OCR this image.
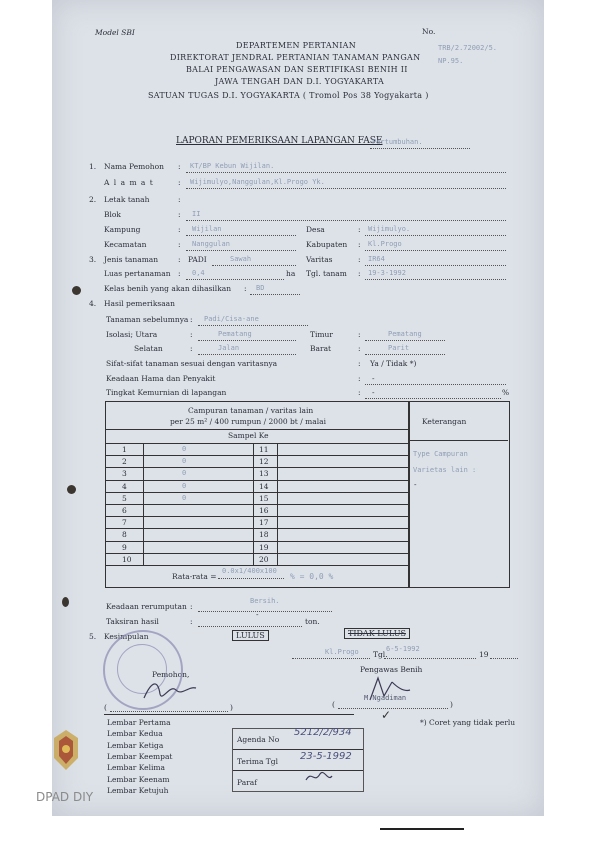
Model SBI	No.
TRB/2.72002/5.
NP.95.
DEPARTEMEN PERTANIAN
DIREKTORAT JENDRAL PERTANIAN TANAMAN PANGAN
BALAI PENGAWASAN DAN SERTIFIKASI BENIH II
JAWA TENGAH DAN D.I. YOGYAKARTA
SATUAN TUGAS D.I. YOGYAKARTA ( Tromol Pos 38 Yogyakarta )
LAPORAN PEMERIKSAAN LAPANGAN FASE
Pertumbuhan.
1. Nama Pemohon : KT/BP Kebun Wijilan.
A l a m a t	: Wijimulyo,Nanggulan,Kl.Progo Yk.
2. Letak tanah	:
Blok	: II
Kampung	: Wijilan	Desa	: Wijimulyo.
Kecamatan	: Nanggulan	Kabupaten : Kl.Progo
3. Jenis tanaman	: PADI	Sawah	Varitas	: IR64
Luas pertanaman : 0,4	ha Tgl. tanam : 19-3-1992
Kelas benih yang akan dihasilkan : BD
4. Hasil pemeriksaan
Tanaman sebelumnya : Padi/Cisa-ane
Isolasi; Utara	:	Pematang	Timur	:	Pematang
Selatan	:	Jalan	Barat	:	Parit
Sifat-sifat tanaman sesuai dengan varitasnya	: Ya / Tidak *)
Keadaan Hama dan Penyakit	: -
Tingkat Kemurnian di lapangan	: -	%
Keterangan
Type Campuran
Varietas lain :
-
Campuran tanaman / varitas lain
per 25 m² / 400 rumpun / 2000 bt / malai
Sampel Ke
1	0	11
2	0	12
3	0	13
4	0	14
5	0	15
6	16
7	17
8	18
9	19
10	20
Rata-rata =
0.0x1/400x100
% = 0,0 %
Keadaan rerumputan :
Bersih.
Taksiran hasil	:
-
ton.
5. Kesimpulan	LULUS	TIDAK LULUS
Kl.Progo Tgl.
6-5-1992
19
Pemohon,
Pengawas Benih
(	)
M.Ngadiman
(	)
✓
*) Coret yang tidak perlu
Lembar Pertama
Lembar Kedua
Lembar Ketiga
Lembar Keempat
Lembar Kelima
Lembar Keenam
Lembar Ketujuh
Agenda No
5212/2/934
Terima Tgl 23-5-1992
Paraf
DPAD DIY
